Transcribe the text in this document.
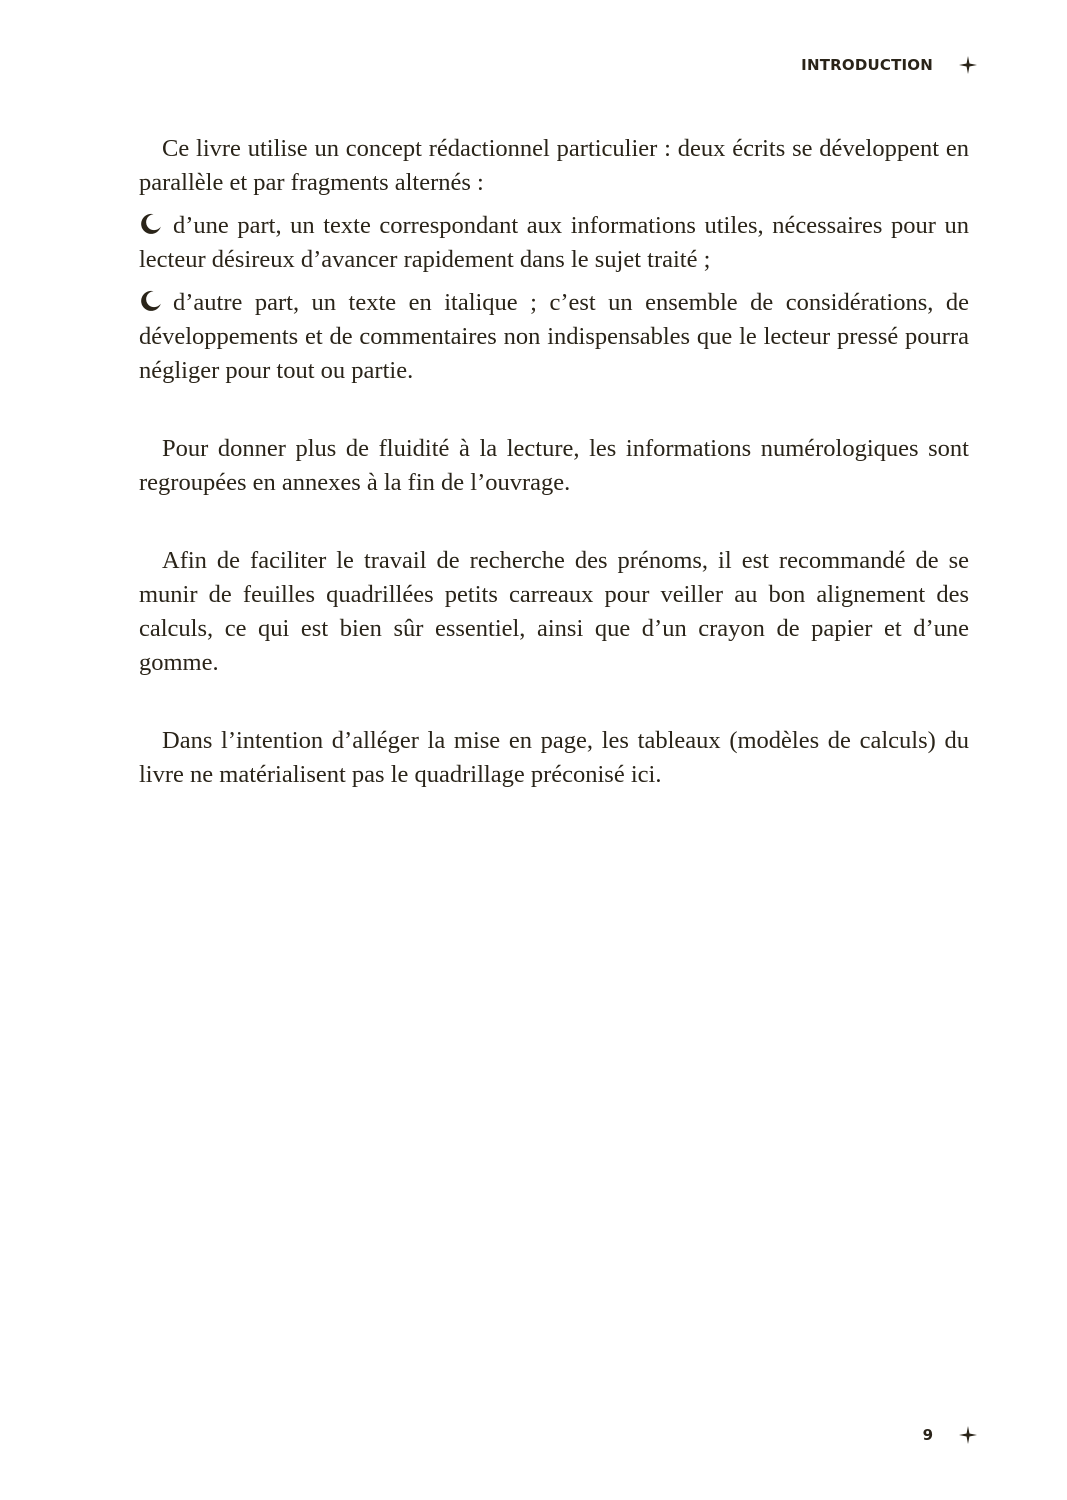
INTRODUCTION

Ce livre utilise un concept rédactionnel particulier : deux écrits se développent en parallèle et par fragments alternés :

d’une part, un texte correspondant aux informations utiles, nécessaires pour un lecteur désireux d’avancer rapidement dans le sujet traité ;

d’autre part, un texte en italique ; c’est un ensemble de considérations, de développements et de commentaires non indispensables que le lecteur pressé pourra négliger pour tout ou partie.

Pour donner plus de fluidité à la lecture, les informations numérologiques sont regroupées en annexes à la fin de l’ouvrage.

Afin de faciliter le travail de recherche des prénoms, il est recommandé de se munir de feuilles quadrillées petits carreaux pour veiller au bon alignement des calculs, ce qui est bien sûr essentiel, ainsi que d’un crayon de papier et d’une gomme.

Dans l’intention d’alléger la mise en page, les tableaux (modèles de calculs) du livre ne matérialisent pas le quadrillage préconisé ici.

9
